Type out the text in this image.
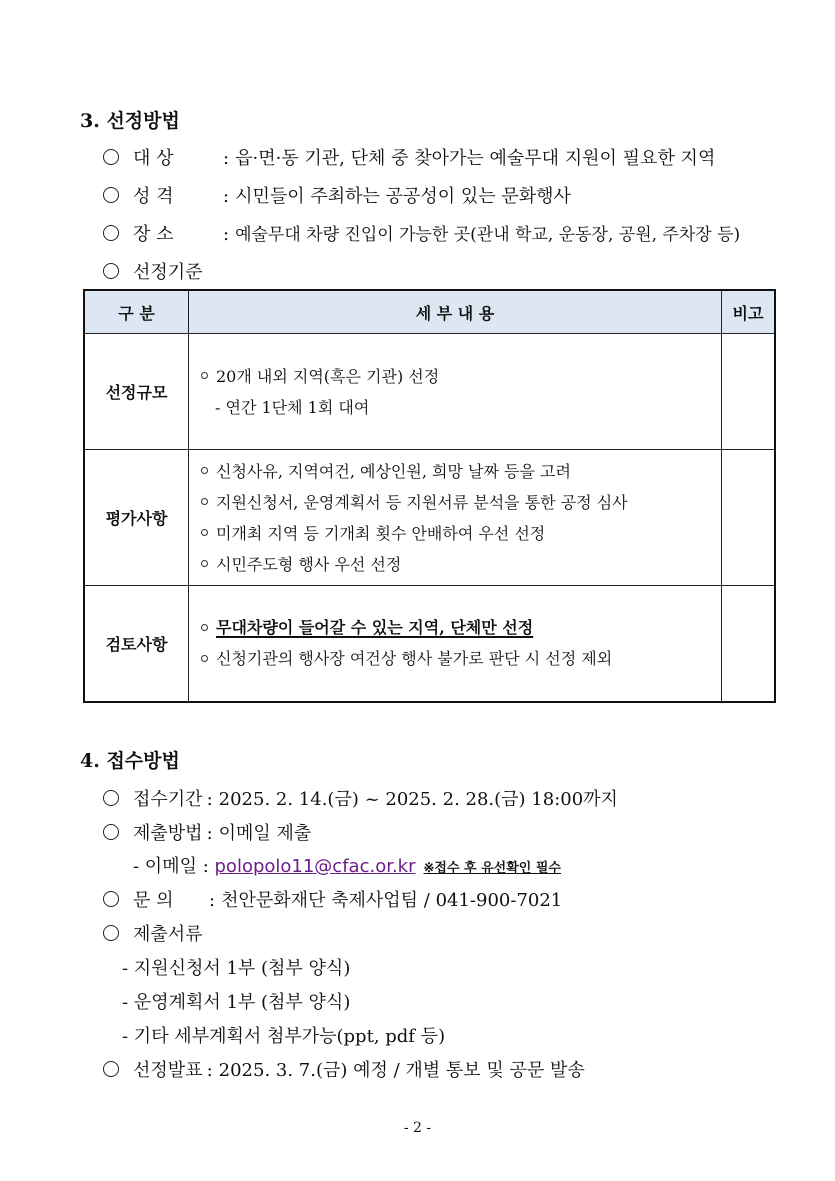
3. 선정방법
대 상	: 읍·면·동 기관, 단체 중 찾아가는 예술무대 지원이 필요한 지역
성 격	: 시민들이 주최하는 공공성이 있는 문화행사
장 소	: 예술무대 차량 진입이 가능한 곳(관내 학교, 운동장, 공원, 주차장 등)
선정기준
구 분	세 부 내 용	비고
선정규모	20개 내외 지역(혹은 기관) 선정
- 연간 1단체 1회 대여	

평가사항	신청사유, 지역여건, 예상인원, 희망 날짜 등을 고려
지원신청서, 운영계획서 등 지원서류 분석을 통한 공정 심사
미개최 지역 등 기개최 횟수 안배하여 우선 선정
시민주도형 행사 우선 선정	

검토사항	무대차량이 들어갈 수 있는 지역, 단체만 선정
신청기관의 행사장 여건상 행사 불가로 판단 시 선정 제외	

4. 접수방법
접수기간 : 2025. 2. 14.(금) ~ 2025. 2. 28.(금) 18:00까지
제출방법 : 이메일 제출
- 이메일 : polopolo11@cfac.or.kr ※접수 후 유선확인 필수
문 의 : 천안문화재단 축제사업팀 / 041-900-7021
제출서류
- 지원신청서 1부 (첨부 양식)
- 운영계획서 1부 (첨부 양식)
- 기타 세부계획서 첨부가능(ppt, pdf 등)
선정발표 : 2025. 3. 7.(금) 예정 / 개별 통보 및 공문 발송
- 2 -
